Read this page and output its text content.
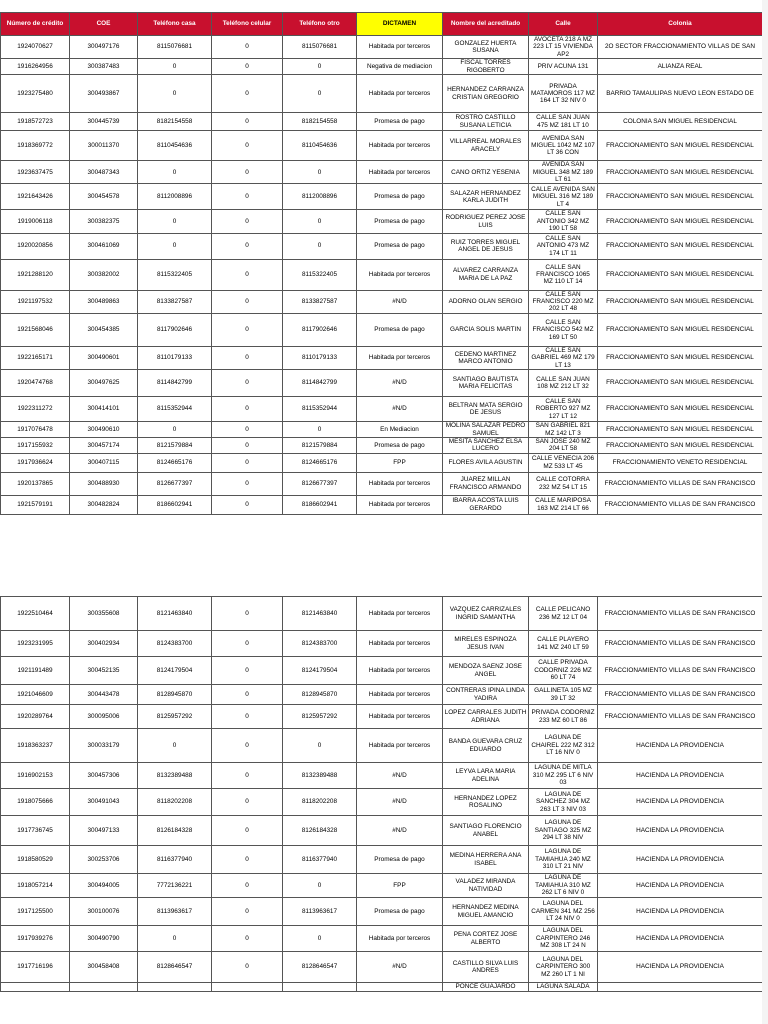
Número de crédito	COE	Teléfono casa	Teléfono celular	Teléfono otro	DICTAMEN	Nombre del acreditado	Calle	Colonia
1924070627	300497176	8115076681	0	8115076681	Habitada por terceros	GONZALEZ HUERTA SUSANA	AVOCETA 218 A MZ 223 LT 15 VIVIENDA AP2	2O SECTOR FRACCIONAMIENTO VILLAS DE SAN
1916264956	300387483	0	0	0	Negativa de mediacion	FISCAL TORRES RIGOBERTO	PRIV ACUNA 131	ALIANZA REAL
1923275480	300493867	0	0	0	Habitada por terceros	HERNANDEZ CARRANZA CRISTIAN GREGORIO	PRIVADA MATAMOROS 117 MZ 164 LT 32 NIV 0	BARRIO TAMAULIPAS NUEVO LEON ESTADO DE
1918572723	300445739	8182154558	0	8182154558	Promesa de pago	ROSTRO CASTILLO SUSANA LETICIA	CALLE SAN JUAN 475 MZ 181 LT 10	COLONIA SAN MIGUEL RESIDENCIAL
1918369772	300011370	8110454636	0	8110454636	Habitada por terceros	VILLARREAL MORALES ARACELY	AVENIDA SAN MIGUEL 1042 MZ 107 LT 36 CON	FRACCIONAMIENTO SAN MIGUEL RESIDENCIAL
1923637475	300487343	0	0	0	Habitada por terceros	CANO ORTIZ YESENIA	AVENIDA SAN MIGUEL 348 MZ 189 LT 61	FRACCIONAMIENTO SAN MIGUEL RESIDENCIAL
1921643426	300454578	8112008896	0	8112008896	Promesa de pago	SALAZAR HERNANDEZ KARLA JUDITH	CALLE AVENIDA SAN MIGUEL 316 MZ 189 LT 4	FRACCIONAMIENTO SAN MIGUEL RESIDENCIAL
1919006118	300382375	0	0	0	Promesa de pago	RODRIGUEZ PEREZ JOSE LUIS	CALLE SAN ANTONIO 342 MZ 190 LT 58	FRACCIONAMIENTO SAN MIGUEL RESIDENCIAL
1920020856	300461069	0	0	0	Promesa de pago	RUIZ TORRES MIGUEL ANGEL DE JESUS	CALLE SAN ANTONIO 473 MZ 174 LT 11	FRACCIONAMIENTO SAN MIGUEL RESIDENCIAL
1921288120	300382002	8115322405	0	8115322405	Habitada por terceros	ALVAREZ CARRANZA MARIA DE LA PAZ	CALLE SAN FRANCISCO 1065 MZ 110 LT 14	FRACCIONAMIENTO SAN MIGUEL RESIDENCIAL
1921197532	300489863	8133827587	0	8133827587	#N/D	ADORNO OLAN SERGIO	CALLE SAN FRANCISCO 220 MZ 202 LT 48	FRACCIONAMIENTO SAN MIGUEL RESIDENCIAL
1921568046	300454385	8117902646	0	8117902646	Promesa de pago	GARCIA SOLIS MARTIN	CALLE SAN FRANCISCO 542 MZ 169 LT 50	FRACCIONAMIENTO SAN MIGUEL RESIDENCIAL
1922165171	300490601	8110179133	0	8110179133	Habitada por terceros	CEDENO MARTINEZ MARCO ANTONIO	CALLE SAN GABRIEL 469 MZ 179 LT 13	FRACCIONAMIENTO SAN MIGUEL RESIDENCIAL
1920474768	300497625	8114842799	0	8114842799	#N/D	SANTIAGO BAUTISTA MARIA FELICITAS	CALLE SAN JUAN 108 MZ 212 LT 32	FRACCIONAMIENTO SAN MIGUEL RESIDENCIAL
1922311272	300414101	8115352944	0	8115352944	#N/D	BELTRAN MATA SERGIO DE JESUS	CALLE SAN ROBERTO 927 MZ 127 LT 12	FRACCIONAMIENTO SAN MIGUEL RESIDENCIAL
1917076478	300490610	0	0	0	En Mediacion	MOLINA SALAZAR PEDRO SAMUEL	SAN GABRIEL 821 MZ 142 LT 3	FRACCIONAMIENTO SAN MIGUEL RESIDENCIAL
1917155932	300457174	8121579884	0	8121579884	Promesa de pago	MESITA SANCHEZ ELSA LUCERO	SAN JOSE 240 MZ 204 LT 58	FRACCIONAMIENTO SAN MIGUEL RESIDENCIAL
1917936624	300407115	8124665176	0	8124665176	FPP	FLORES AVILA AGUSTIN	CALLE VENECIA 206 MZ 533 LT 45	FRACCIONAMIENTO VENETO RESIDENCIAL
1920137865	300488930	8126677397	0	8126677397	Habitada por terceros	JUAREZ MILLAN FRANCISCO ARMANDO	CALLE COTORRA 232 MZ 54 LT 15	FRACCIONAMIENTO VILLAS DE SAN FRANCISCO
1921579191	300482824	8186602941	0	8186602941	Habitada por terceros	IBARRA ACOSTA LUIS GERARDO	CALLE MARIPOSA 163 MZ 214 LT 66	FRACCIONAMIENTO VILLAS DE SAN FRANCISCO
1922510464	300355608	8121463840	0	8121463840	Habitada por terceros	VAZQUEZ CARRIZALES INGRID SAMANTHA	CALLE PELICANO 236 MZ 12 LT 04	FRACCIONAMIENTO VILLAS DE SAN FRANCISCO
1923231995	300402934	8124383700	0	8124383700	Habitada por terceros	MIRELES ESPINOZA JESUS IVAN	CALLE PLAYERO 141 MZ 240 LT 59	FRACCIONAMIENTO VILLAS DE SAN FRANCISCO
1921191489	300452135	8124179504	0	8124179504	Habitada por terceros	MENDOZA SAENZ JOSE ANGEL	CALLE PRIVADA CODORNIZ 226 MZ 60 LT 74	FRACCIONAMIENTO VILLAS DE SAN FRANCISCO
1921046609	300443478	8128945870	0	8128945870	Habitada por terceros	CONTRERAS IPINA LINDA YADIRA	GALLINETA 105 MZ 39 LT 32	FRACCIONAMIENTO VILLAS DE SAN FRANCISCO
1920289764	300095006	8125957292	0	8125957292	Habitada por terceros	LOPEZ CARRALES JUDITH ADRIANA	PRIVADA CODORNIZ 233 MZ 60 LT 86	FRACCIONAMIENTO VILLAS DE SAN FRANCISCO
1918363237	300033179	0	0	0	Habitada por terceros	BANDA GUEVARA CRUZ EDUARDO	LAGUNA DE CHAIREL 222 MZ 312 LT 16 NIV 0	HACIENDA LA PROVIDENCIA
1916902153	300457306	8132389488	0	8132389488	#N/D	LEYVA LARA MARIA ADELINA	LAGUNA DE MITLA 310 MZ 295 LT 6 NIV 03	HACIENDA LA PROVIDENCIA
1918075666	300491043	8118202208	0	8118202208	#N/D	HERNANDEZ LOPEZ ROSALINO	LAGUNA DE SANCHEZ 304 MZ 263 LT 3 NIV 03	HACIENDA LA PROVIDENCIA
1917736745	300497133	8126184328	0	8126184328	#N/D	SANTIAGO FLORENCIO ANABEL	LAGUNA DE SANTIAGO 325 MZ 294 LT 38 NIV	HACIENDA LA PROVIDENCIA
1918580529	300253706	8116377940	0	8116377940	Promesa de pago	MEDINA HERRERA ANA ISABEL	LAGUNA DE TAMIAHUA 240 MZ 310 LT 21 NIV	HACIENDA LA PROVIDENCIA
1918057214	300494005	7772136221	0	0	FPP	VALADEZ MIRANDA NATIVIDAD	LAGUNA DE TAMIAHUA 310 MZ 262 LT 6 NIV 0	HACIENDA LA PROVIDENCIA
1917125500	300100076	8113963617	0	8113963617	Promesa de pago	HERNANDEZ MEDINA MIGUEL AMANCIO	LAGUNA DEL CARMEN 341 MZ 256 LT 24 NIV 0	HACIENDA LA PROVIDENCIA
1917939276	300490790	0	0	0	Habitada por terceros	PENA CORTEZ JOSE ALBERTO	LAGUNA DEL CARPINTERO 246 MZ 308 LT 24 N	HACIENDA LA PROVIDENCIA
1917716196	300458408	8128646547	0	8128646547	#N/D	CASTILLO SILVA LUIS ANDRES	LAGUNA DEL CARPINTERO 300 MZ 260 LT 1 NI	HACIENDA LA PROVIDENCIA
						PONCE GUAJARDO	LAGUNA SALADA	
